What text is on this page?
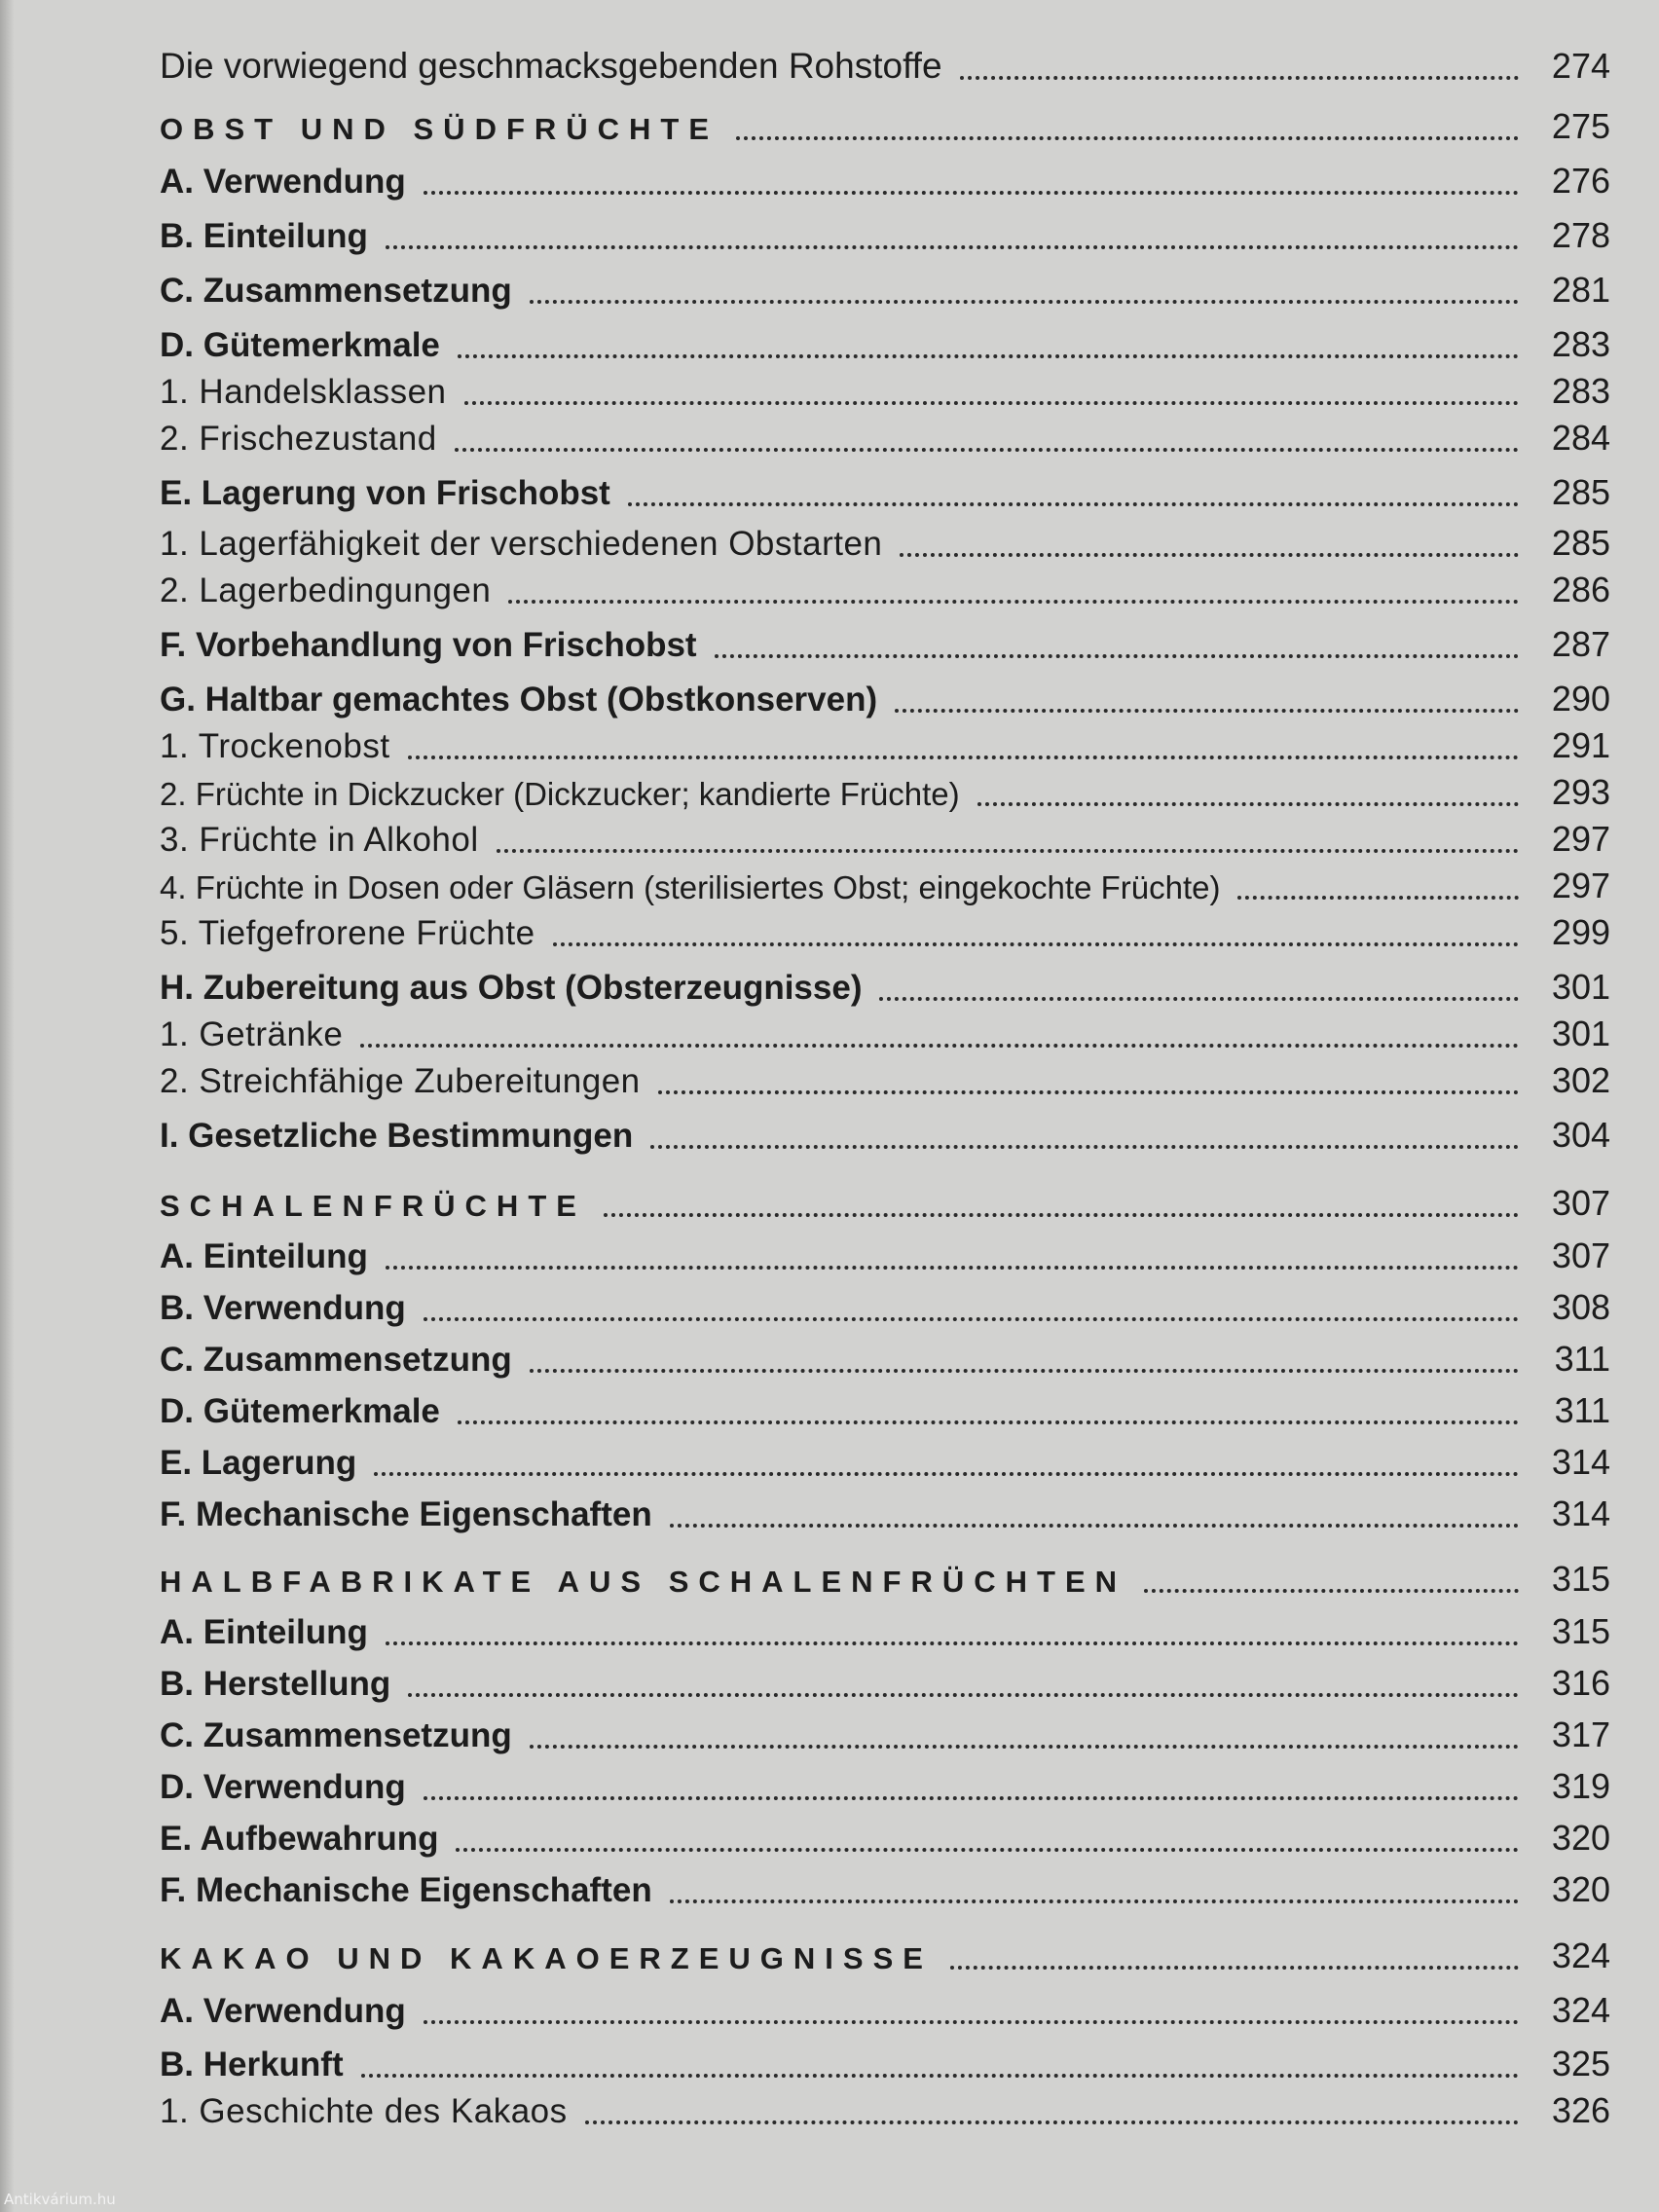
Die vorwiegend geschmacksgebenden Rohstoffe	274
OBST UND SÜDFRÜCHTE	275
A. Verwendung	276
B. Einteilung	278
C. Zusammensetzung	281
D. Gütemerkmale	283
1. Handelsklassen	283
2. Frischezustand	284
E. Lagerung von Frischobst	285
1. Lagerfähigkeit der verschiedenen Obstarten	285
2. Lagerbedingungen	286
F. Vorbehandlung von Frischobst	287
G. Haltbar gemachtes Obst (Obstkonserven)	290
1. Trockenobst	291
2. Früchte in Dickzucker (Dickzucker; kandierte Früchte)	293
3. Früchte in Alkohol	297
4. Früchte in Dosen oder Gläsern (sterilisiertes Obst; eingekochte Früchte)	297
5. Tiefgefrorene Früchte	299
H. Zubereitung aus Obst (Obsterzeugnisse)	301
1. Getränke	301
2. Streichfähige Zubereitungen	302
I. Gesetzliche Bestimmungen	304
SCHALENFRÜCHTE	307
A. Einteilung	307
B. Verwendung	308
C. Zusammensetzung	311
D. Gütemerkmale	311
E. Lagerung	314
F. Mechanische Eigenschaften	314
HALBFABRIKATE AUS SCHALENFRÜCHTEN	315
A. Einteilung	315
B. Herstellung	316
C. Zusammensetzung	317
D. Verwendung	319
E. Aufbewahrung	320
F. Mechanische Eigenschaften	320
KAKAO UND KAKAOERZEUGNISSE	324
A. Verwendung	324
B. Herkunft	325
1. Geschichte des Kakaos	326
Antikvárium.hu
